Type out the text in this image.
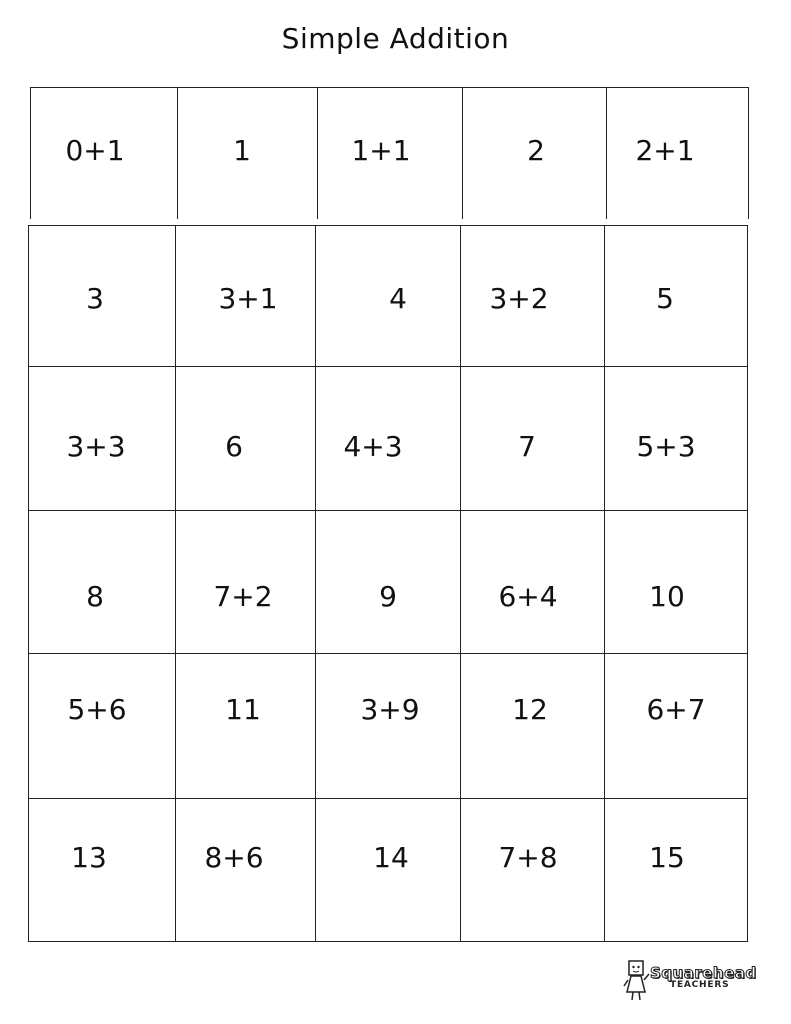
Simple Addition
0+1	1	1+1	2	2+1
3	3+1	4	3+2	5
3+3	6	4+3	7	5+3
8	7+2	9	6+4	10
5+6	11	3+9	12	6+7
13	8+6	14	7+8	15
Squarehead
TEACHERS
